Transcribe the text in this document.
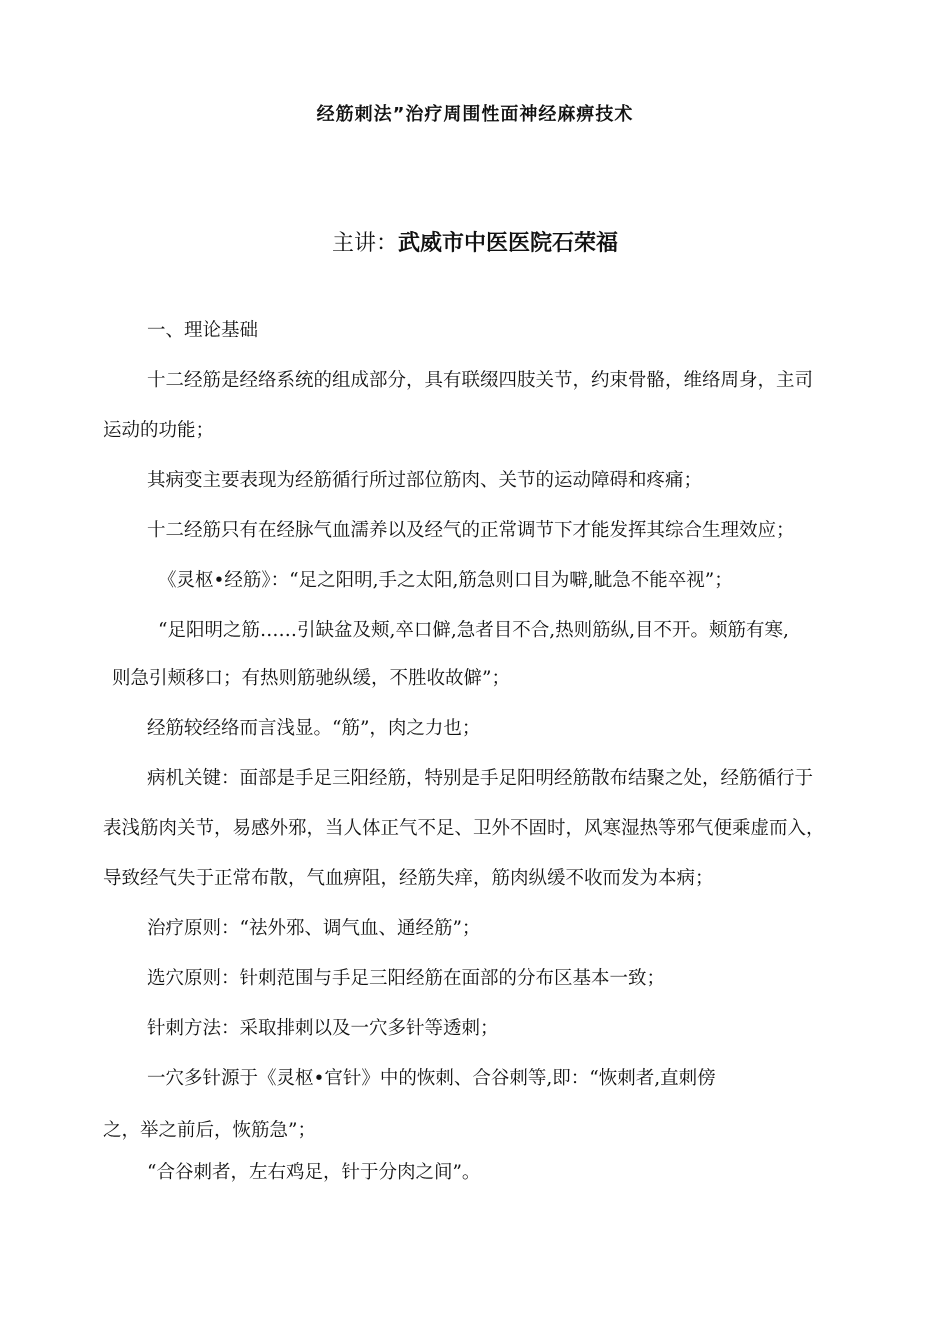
经筋刺法”治疗周围性面神经麻痹技术
主讲：武威市中医医院石荣福
一、理论基础
十二经筋是经络系统的组成部分，具有联缀四肢关节，约束骨骼，维络周身，主司
运动的功能；
其病变主要表现为经筋循行所过部位筋肉、关节的运动障碍和疼痛；
十二经筋只有在经脉气血濡养以及经气的正常调节下才能发挥其综合生理效应；
《灵枢•经筋》：“足之阳明,手之太阳,筋急则口目为噼,眦急不能卒视”；
“足阳明之筋……引缺盆及颊,卒口僻,急者目不合,热则筋纵,目不开。颊筋有寒,
则急引颊移口；有热则筋驰纵缓，不胜收故僻”；
经筋较经络而言浅显。“筋”，肉之力也；
病机关键：面部是手足三阳经筋，特别是手足阳明经筋散布结聚之处，经筋循行于
表浅筋肉关节，易感外邪，当人体正气不足、卫外不固时，风寒湿热等邪气便乘虚而入，
导致经气失于正常布散，气血痹阻，经筋失痒，筋肉纵缓不收而发为本病；
治疗原则：“祛外邪、调气血、通经筋”；
选穴原则：针刺范围与手足三阳经筋在面部的分布区基本一致；
针刺方法：采取排刺以及一穴多针等透刺；
一穴多针源于《灵枢•官针》中的恢刺、合谷刺等,即：“恢刺者,直刺傍
之，举之前后，恢筋急”；
“合谷刺者，左右鸡足，针于分肉之间”。
